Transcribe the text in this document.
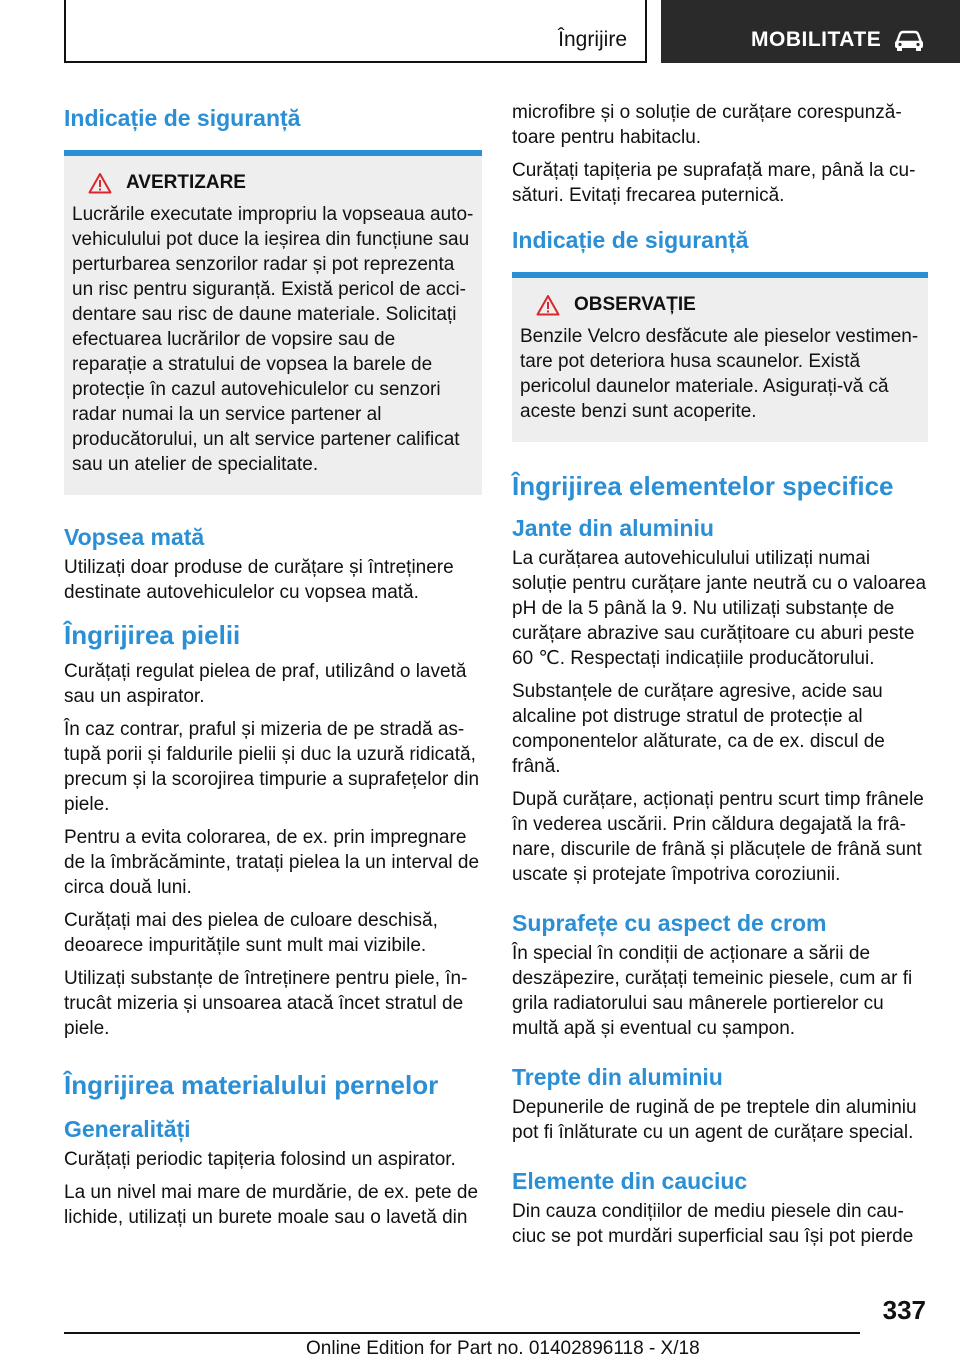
Îngrijire	MOBILITATE
Indicație de siguranță
AVERTIZARE

Lucrările executate impropriu la vopseaua autovehiculului pot duce la ieșirea din funcțiune sau perturbarea senzorilor radar și pot reprezenta un risc pentru siguranță. Există pericol de accidentare sau risc de daune materiale. Solicitați efectuarea lucrărilor de vopsire sau de reparație a stratului de vopsea la barele de protecție în cazul autovehiculelor cu senzori radar numai la un service partener al producătorului, un alt service partener calificat sau un atelier de specialitate.

Vopsea mată

Utilizați doar produse de curățare și întreținere destinate autovehiculelor cu vopsea mată.

Îngrijirea pielii

Curățați regulat pielea de praf, utilizând o lavetă sau un aspirator.

În caz contrar, praful și mizeria de pe stradă astupă porii și faldurile pielii și duc la uzură ridicată, precum și la scorojirea timpurie a suprafețelor din piele.

Pentru a evita colorarea, de ex. prin impregnare de la îmbrăcăminte, tratați pielea la un interval de circa două luni.

Curățați mai des pielea de culoare deschisă, deoarece impuritățile sunt mult mai vizibile.

Utilizați substanțe de întreținere pentru piele, întrucât mizeria și unsoarea atacă încet stratul de piele.

Îngrijirea materialului pernelor
Generalități

Curățați periodic tapițeria folosind un aspirator.

La un nivel mai mare de murdărie, de ex. pete de lichide, utilizați un burete moale sau o lavetă din

microfibre și o soluție de curățare corespunzătoare pentru habitaclu.

Curățați tapițeria pe suprafață mare, până la cusături. Evitați frecarea puternică.

Indicație de siguranță
OBSERVAȚIE

Benzile Velcro desfăcute ale pieselor vestimentare pot deteriora husa scaunelor. Există pericolul daunelor materiale. Asigurați-vă că aceste benzi sunt acoperite.

Îngrijirea elementelor specifice
Jante din aluminiu

La curățarea autovehiculului utilizați numai soluție pentru curățare jante neutră cu o valoarea pH de la 5 până la 9. Nu utilizați substanțe de curățare abrazive sau curățitoare cu aburi peste 60 ℃. Respectați indicațiile producătorului.

Substanțele de curățare agresive, acide sau alcaline pot distruge stratul de protecție al componentelor alăturate, ca de ex. discul de frână.

După curățare, acționați pentru scurt timp frânele în vederea uscării. Prin căldura degajată la frânare, discurile de frână și plăcuțele de frână sunt uscate și protejate împotriva coroziunii.

Suprafețe cu aspect de crom

În special în condiții de acționare a sării de deszäpezire, curățați temeinic piesele, cum ar fi grila radiatorului sau mânerele portierelor cu multă apă și eventual cu șampon.

Trepte din aluminiu

Depunerile de rugină de pe treptele din aluminiu pot fi înlăturate cu un agent de curățare special.

Elemente din cauciuc

Din cauza condițiilor de mediu piesele din cauciuc se pot murdări superficial sau își pot pierde

337
Online Edition for Part no. 01402896118 - X/18
